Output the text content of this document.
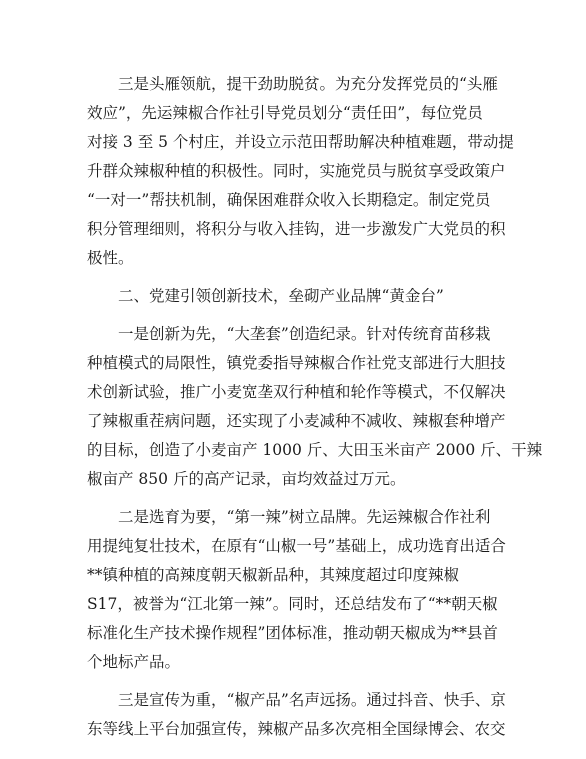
三是头雁领航，提干劲助脱贫。为充分发挥党员的“头雁
效应”，先运辣椒合作社引导党员划分“责任田”，每位党员
对接 3 至 5 个村庄，并设立示范田帮助解决种植难题，带动提
升群众辣椒种植的积极性。同时，实施党员与脱贫享受政策户
“一对一”帮扶机制，确保困难群众收入长期稳定。制定党员
积分管理细则，将积分与收入挂钩，进一步激发广大党员的积
极性。
二、党建引领创新技术，垒砌产业品牌“黄金台”
一是创新为先，“大垄套”创造纪录。针对传统育苗移栽
种植模式的局限性，镇党委指导辣椒合作社党支部进行大胆技
术创新试验，推广小麦宽垄双行种植和轮作等模式，不仅解决
了辣椒重茬病问题，还实现了小麦减种不减收、辣椒套种增产
的目标，创造了小麦亩产 1000 斤、大田玉米亩产 2000 斤、干辣
椒亩产 850 斤的高产记录，亩均效益过万元。
二是选育为要，“第一辣”树立品牌。先运辣椒合作社利
用提纯复壮技术，在原有“山椒一号”基础上，成功选育出适合
**镇种植的高辣度朝天椒新品种，其辣度超过印度辣椒
S17，被誉为“江北第一辣”。同时，还总结发布了“**朝天椒
标准化生产技术操作规程”团体标准，推动朝天椒成为**县首
个地标产品。
三是宣传为重，“椒产品”名声远扬。通过抖音、快手、京
东等线上平台加强宣传，辣椒产品多次亮相全国绿博会、农交
